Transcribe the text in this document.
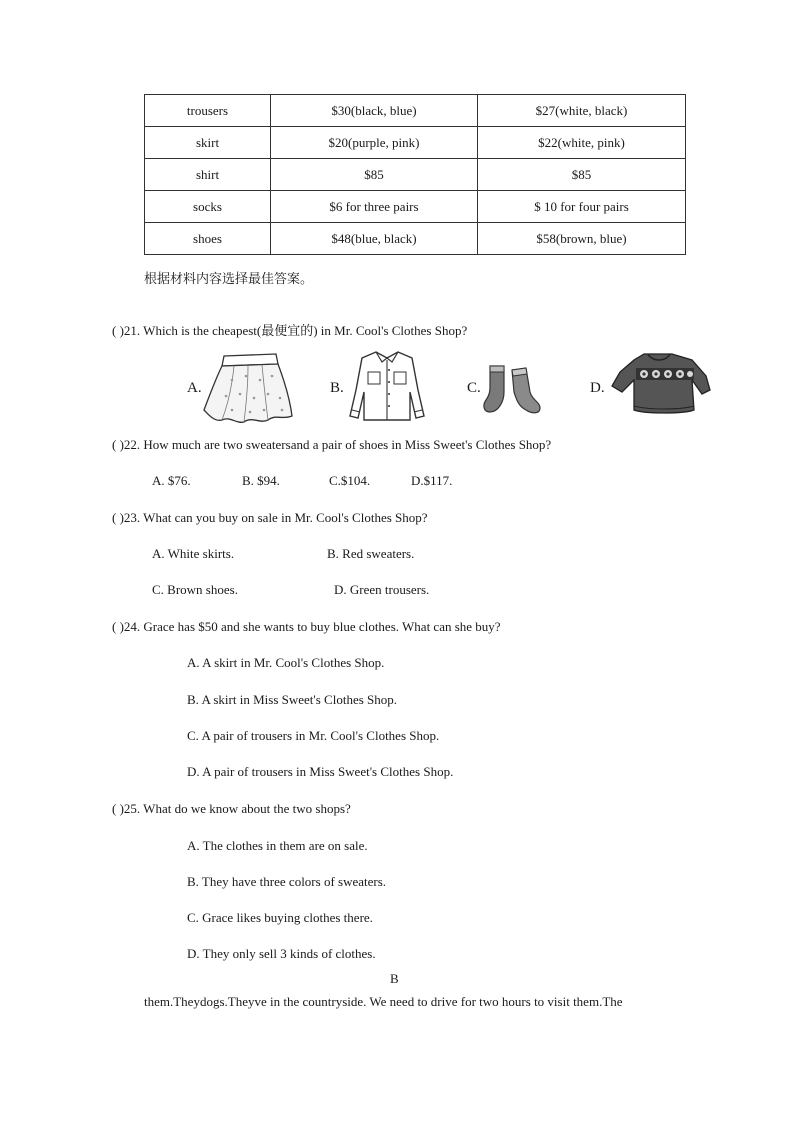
trousers	$30(black, blue)	$27(white, black)
skirt	$20(purple, pink)	$22(white, pink)
shirt	$85	$85
socks	$6 for three pairs	$ 10 for four pairs
shoes	$48(blue, black)	$58(brown, blue)
根据材料内容选择最佳答案。
( )21. Which is the cheapest(最便宜的) in Mr. Cool's Clothes Shop?
A.	B.	C.	D.
( )22. How much are two sweatersand a pair of shoes in Miss Sweet's Clothes Shop?
A. $76.	B. $94.	C.$104.	D.$117.
( )23. What can you buy on sale in Mr. Cool's Clothes Shop?
A. White skirts.	B. Red sweaters.
C. Brown shoes.	D. Green trousers.
( )24. Grace has $50 and she wants to buy blue clothes. What can she buy?
A. A skirt in Mr. Cool's Clothes Shop.
B. A skirt in Miss Sweet's Clothes Shop.
C. A pair of trousers in Mr. Cool's Clothes Shop.
D. A pair of trousers in Miss Sweet's Clothes Shop.
( )25. What do we know about the two shops?
A. The clothes in them are on sale.
B. They have three colors of sweaters.
C. Grace likes buying clothes there.
D. They only sell 3 kinds of clothes.
B
them.Theydogs.Theyve in the countryside. We need to drive for two hours to visit them.The
